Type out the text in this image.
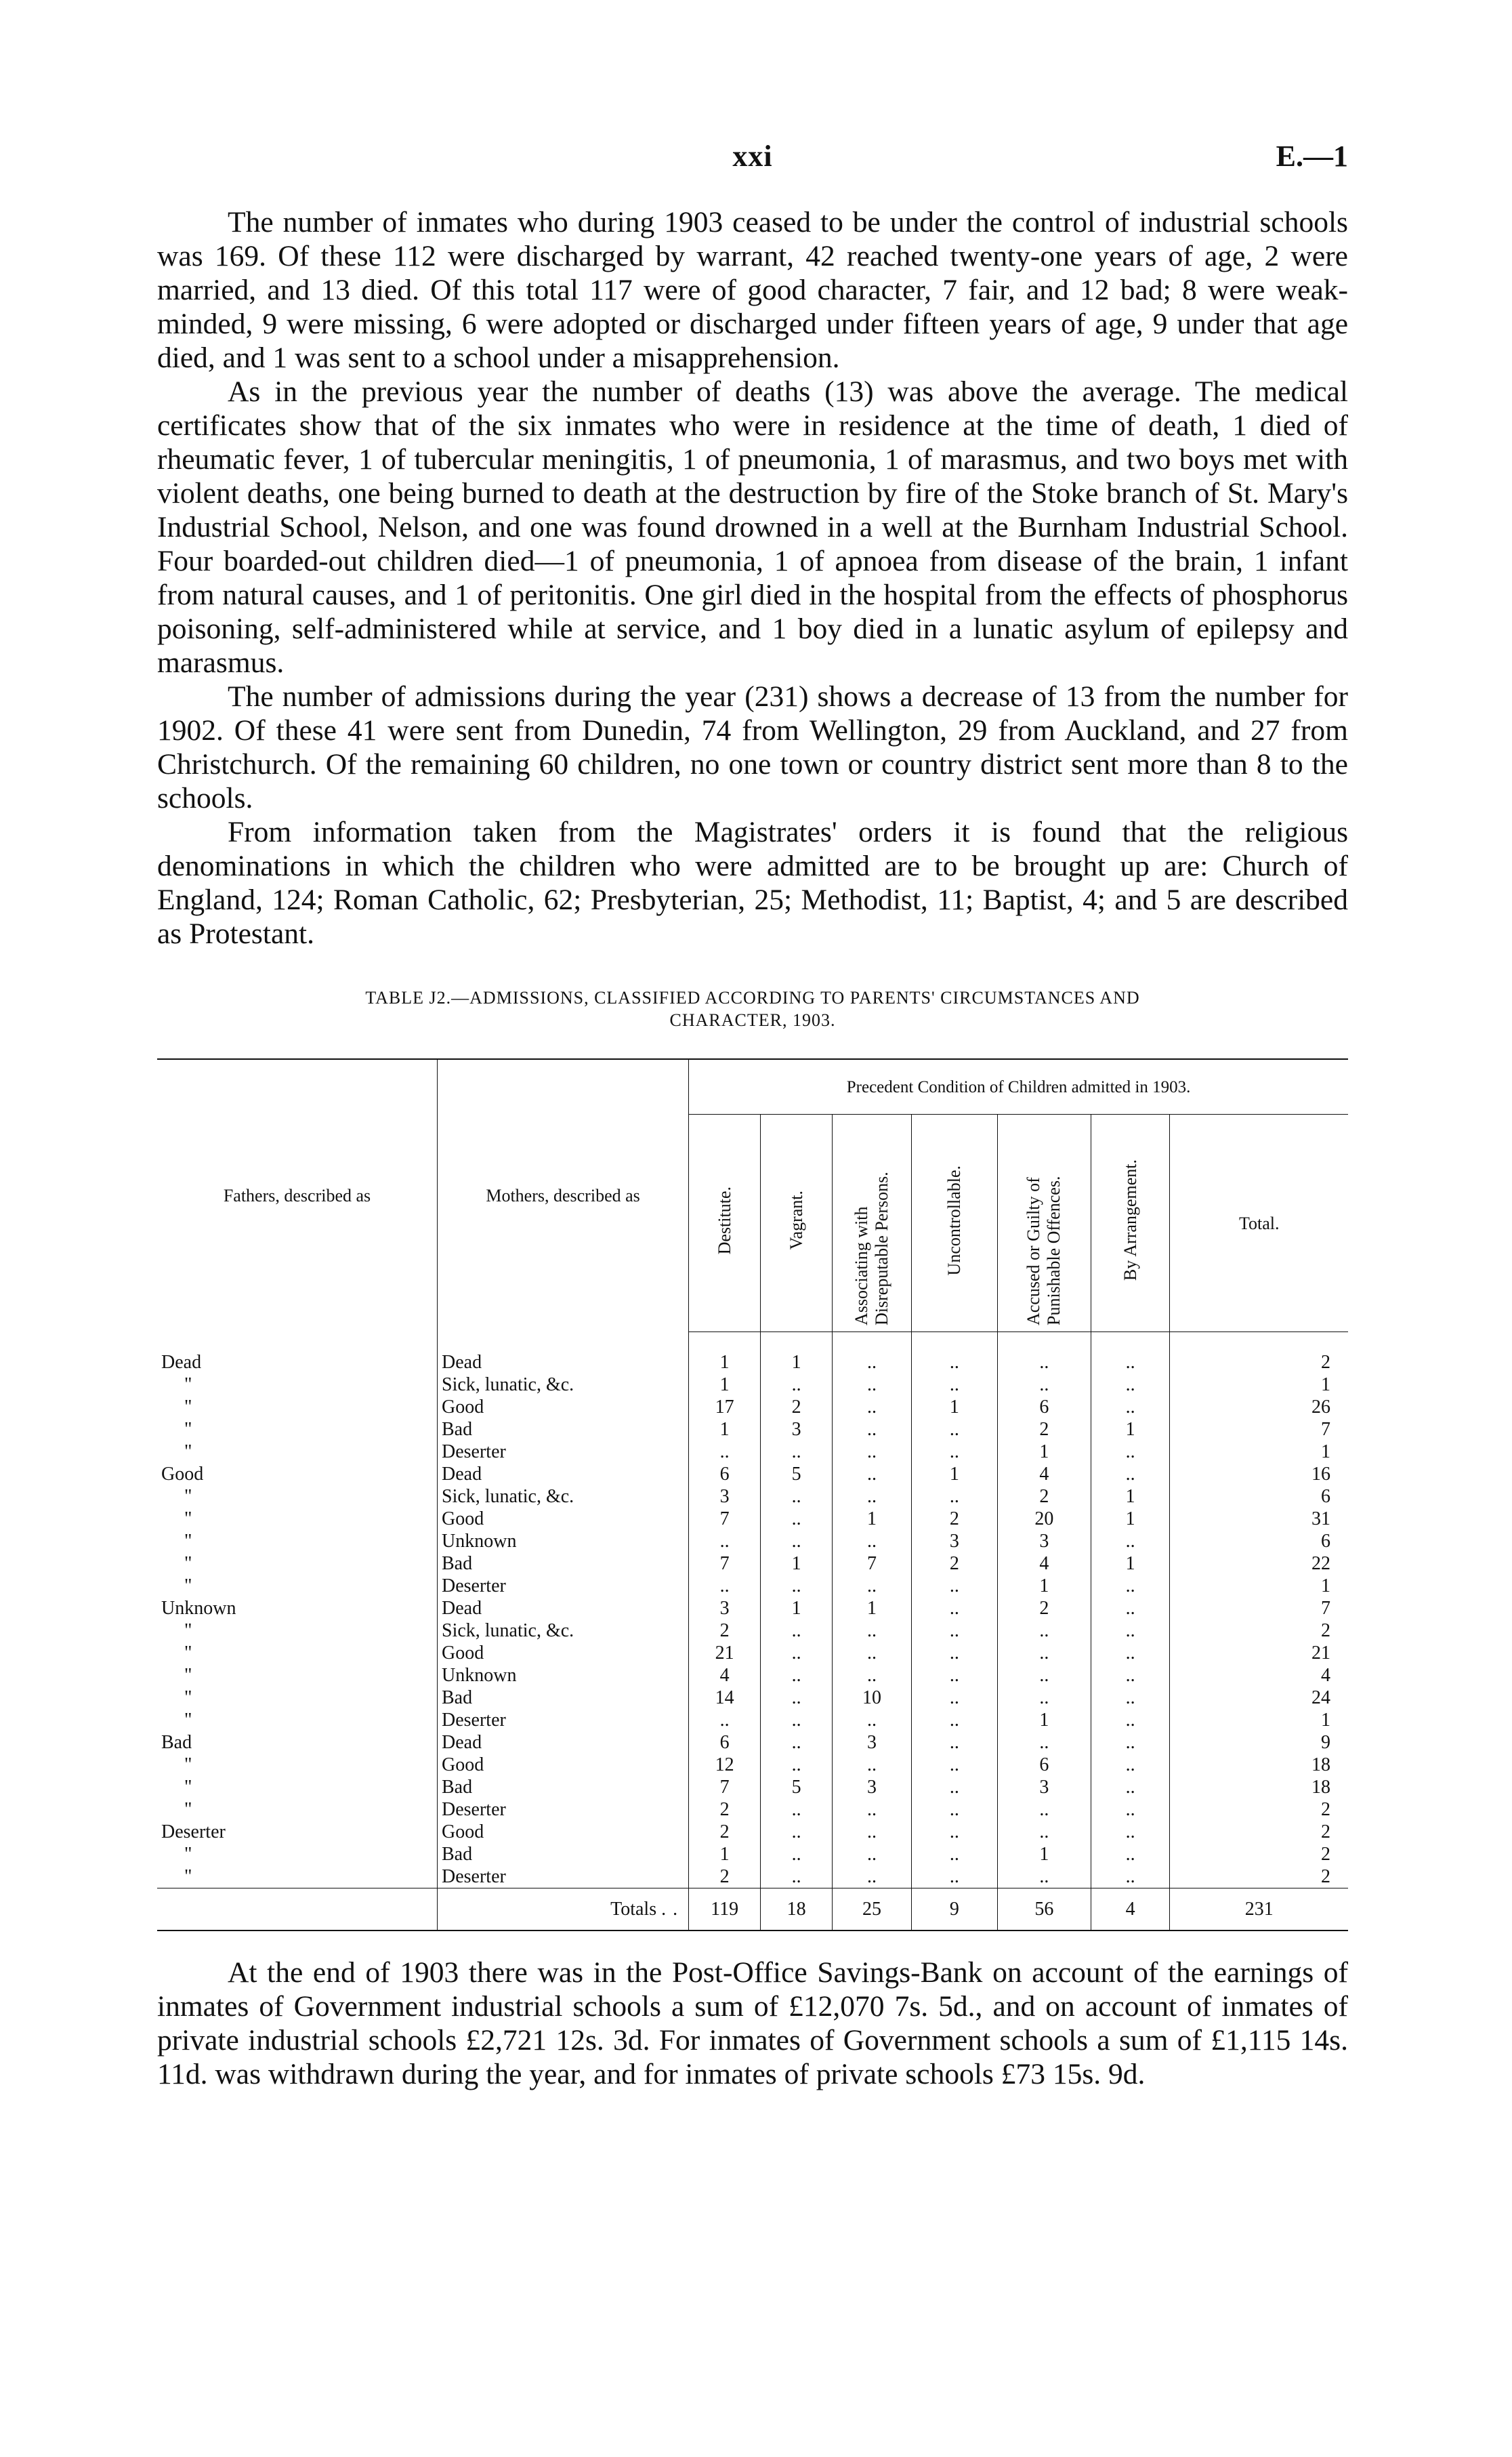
xxi	E.—1

The number of inmates who during 1903 ceased to be under the control of industrial schools was 169. Of these 112 were discharged by warrant, 42 reached twenty-one years of age, 2 were married, and 13 died. Of this total 117 were of good character, 7 fair, and 12 bad; 8 were weak-minded, 9 were missing, 6 were adopted or discharged under fifteen years of age, 9 under that age died, and 1 was sent to a school under a misapprehension.

As in the previous year the number of deaths (13) was above the average. The medical certificates show that of the six inmates who were in residence at the time of death, 1 died of rheumatic fever, 1 of tubercular meningitis, 1 of pneumonia, 1 of marasmus, and two boys met with violent deaths, one being burned to death at the destruction by fire of the Stoke branch of St. Mary's Industrial School, Nelson, and one was found drowned in a well at the Burnham Industrial School. Four boarded-out children died—1 of pneumonia, 1 of apnoea from disease of the brain, 1 infant from natural causes, and 1 of peritonitis. One girl died in the hospital from the effects of phosphorus poisoning, self-administered while at service, and 1 boy died in a lunatic asylum of epilepsy and marasmus.

The number of admissions during the year (231) shows a decrease of 13 from the number for 1902. Of these 41 were sent from Dunedin, 74 from Wellington, 29 from Auckland, and 27 from Christchurch. Of the remaining 60 children, no one town or country district sent more than 8 to the schools.

From information taken from the Magistrates' orders it is found that the religious denominations in which the children who were admitted are to be brought up are: Church of England, 124; Roman Catholic, 62; Presbyterian, 25; Methodist, 11; Baptist, 4; and 5 are described as Protestant.

TABLE J2.—ADMISSIONS, CLASSIFIED ACCORDING TO PARENTS' CIRCUMSTANCES AND
CHARACTER, 1903.
Fathers, described as	Mothers, described as	Precedent Condition of Children admitted in 1903.						
		Destitute.	Vagrant.	Associating with Disreputable Persons.	Uncontrollable.	Accused or Guilty of Punishable Offences.	By Arrangement.	Total.
Dead	Dead	1	1	..	..	..	..	2
"	Sick, lunatic, &c.	1	..	..	..	..	..	1
"	Good	17	2	..	1	6	..	26
"	Bad	1	3	..	..	2	1	7
"	Deserter	..	..	..	..	1	..	1
Good	Dead	6	5	..	1	4	..	16
"	Sick, lunatic, &c.	3	..	..	..	2	1	6
"	Good	7	..	1	2	20	1	31
"	Unknown	..	..	..	3	3	..	6
"	Bad	7	1	7	2	4	1	22
"	Deserter	..	..	..	..	1	..	1
Unknown	Dead	3	1	1	..	2	..	7
"	Sick, lunatic, &c.	2	..	..	..	..	..	2
"	Good	21	..	..	..	..	..	21
"	Unknown	4	..	..	..	..	..	4
"	Bad	14	..	10	..	..	..	24
"	Deserter	..	..	..	..	1	..	1
Bad	Dead	6	..	3	..	..	..	9
"	Good	12	..	..	..	6	..	18
"	Bad	7	5	3	..	3	..	18
"	Deserter	2	..	..	..	..	..	2
Deserter	Good	2	..	..	..	..	..	2
"	Bad	1	..	..	..	1	..	2
"	Deserter	2	..	..	..	..	..	2
	Totals ..	119	18	25	9	56	4	231

At the end of 1903 there was in the Post-Office Savings-Bank on account of the earnings of inmates of Government industrial schools a sum of £12,070 7s. 5d., and on account of inmates of private industrial schools £2,721 12s. 3d. For inmates of Government schools a sum of £1,115 14s. 11d. was withdrawn during the year, and for inmates of private schools £73 15s. 9d.
